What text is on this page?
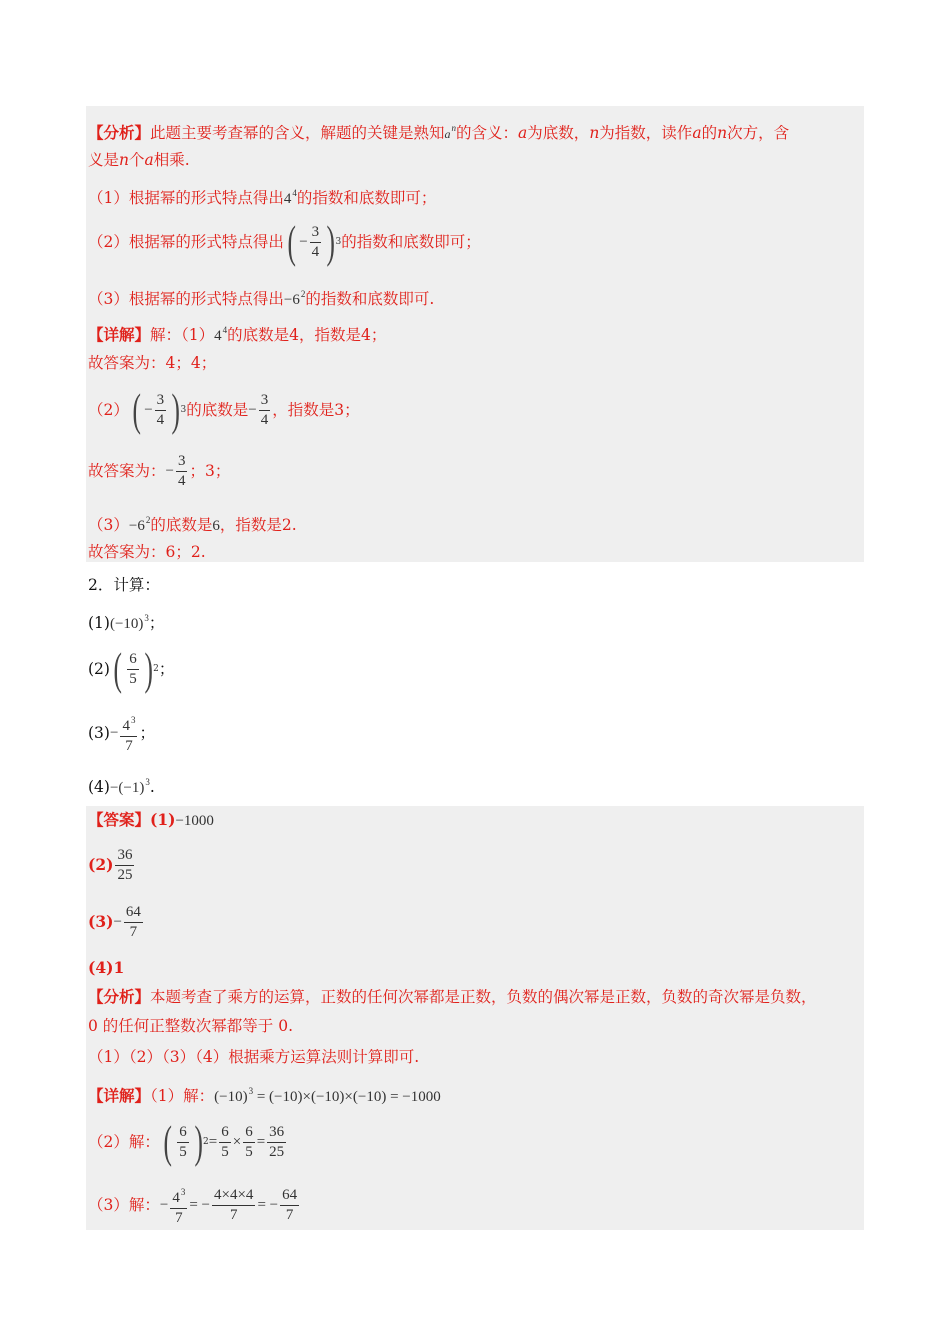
【分析】此题主要考查幂的含义，解题的关键是熟知$a^n$的含义：a为底数，n为指数，读作a的n次方，含
义是n个a相乘.
（1）根据幂的形式特点得出$4^4$的指数和底数即可；
（2）根据幂的形式特点得出 ( − $\frac{3}{4}$ ) 3 的指数和底数即可；
（3）根据幂的形式特点得出$-6^2$的指数和底数即可.
【详解】解：$(1)4^4$的底数是4，指数是4；
故答案为：4；4；
（2） ( − $\frac{3}{4}$ ) 3 的底数是 − $\frac{3}{4}$ ，指数是3；
故答案为： − $\frac{3}{4}$ ；3；
$(3)-6^2$的底数是6，指数是2.
故答案为：6；2.
2．计算：
$(1)(-10)^3$；
(2) ( $\frac{6}{5}$ ) 2 ；
$(3) - \frac{4^3}{7}$ ；
$(4)-(-1)^3$.
【答案】(1)−1000
$(2) \frac{36}{25}$
$(3) - \frac{64}{7}$
(4)1
【分析】本题考查了乘方的运算，正数的任何次幂都是正数，负数的偶次幂是正数，负数的奇次幂是负数，
0 的任何正整数次幂都等于 0.
（1）（2）（3）（4）根据乘方运算法则计算即可.
【详解】（1）解：$(-10)^3 = (-10)\times(-10)\times(-10) = -1000$
（2）解： ( $\frac{6}{5}$ ) $2 = \frac{6}{5} \times \frac{6}{5} = \frac{36}{25}$
（3）解： − $\frac{4^3}{7}$ = − $\frac{4\times 4\times 4}{7}$ = − $\frac{64}{7}$
